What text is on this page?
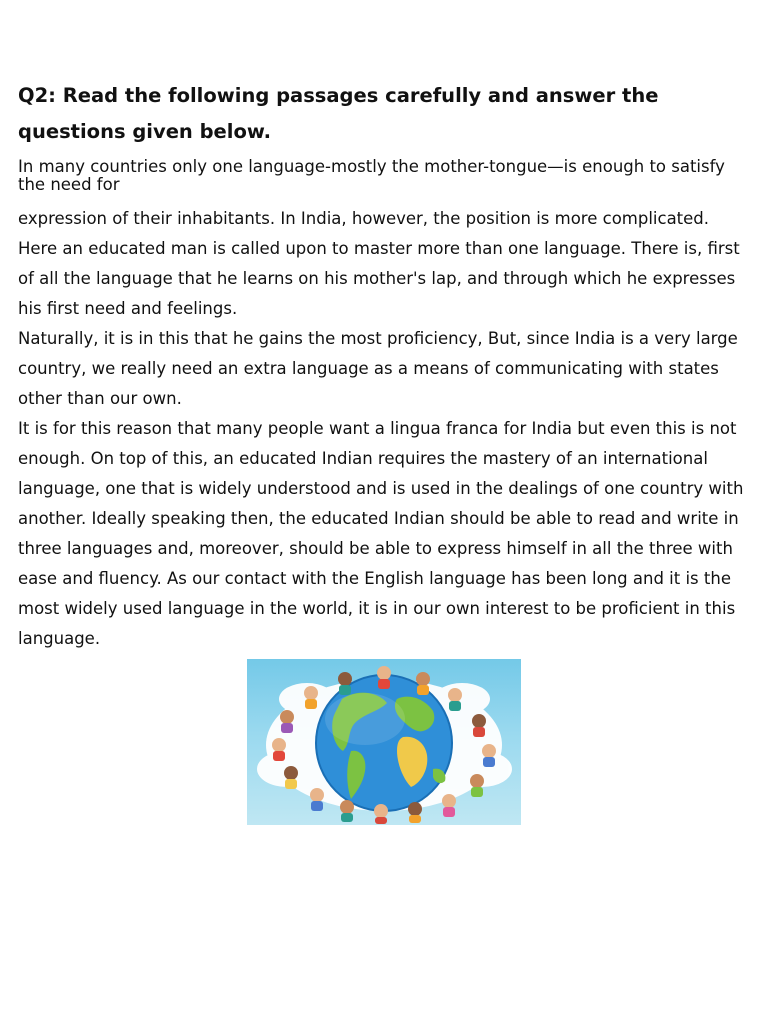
Q2: Read the following passages carefully and answer the questions given below.

In many countries only one language-mostly the mother-tongue—is enough to satisfy the need for

expression of their inhabitants. In India, however, the position is more complicated. Here an educated man is called upon to master more than one language. There is, first of all the language that he learns on his mother's lap, and through which he expresses his first need and feelings.

Naturally, it is in this that he gains the most proficiency, But, since India is a very large country, we really need an extra language as a means of communicating with states other than our own.

It is for this reason that many people want a lingua franca for India but even this is not enough. On top of this, an educated Indian requires the mastery of an international language, one that is widely understood and is used in the dealings of one country with another. Ideally speaking then, the educated Indian should be able to read and write in three languages and, moreover, should be able to express himself in all the three with ease and fluency. As our contact with the English language has been long and it is the most widely used language in the world, it is in our own interest to be proficient in this language.
